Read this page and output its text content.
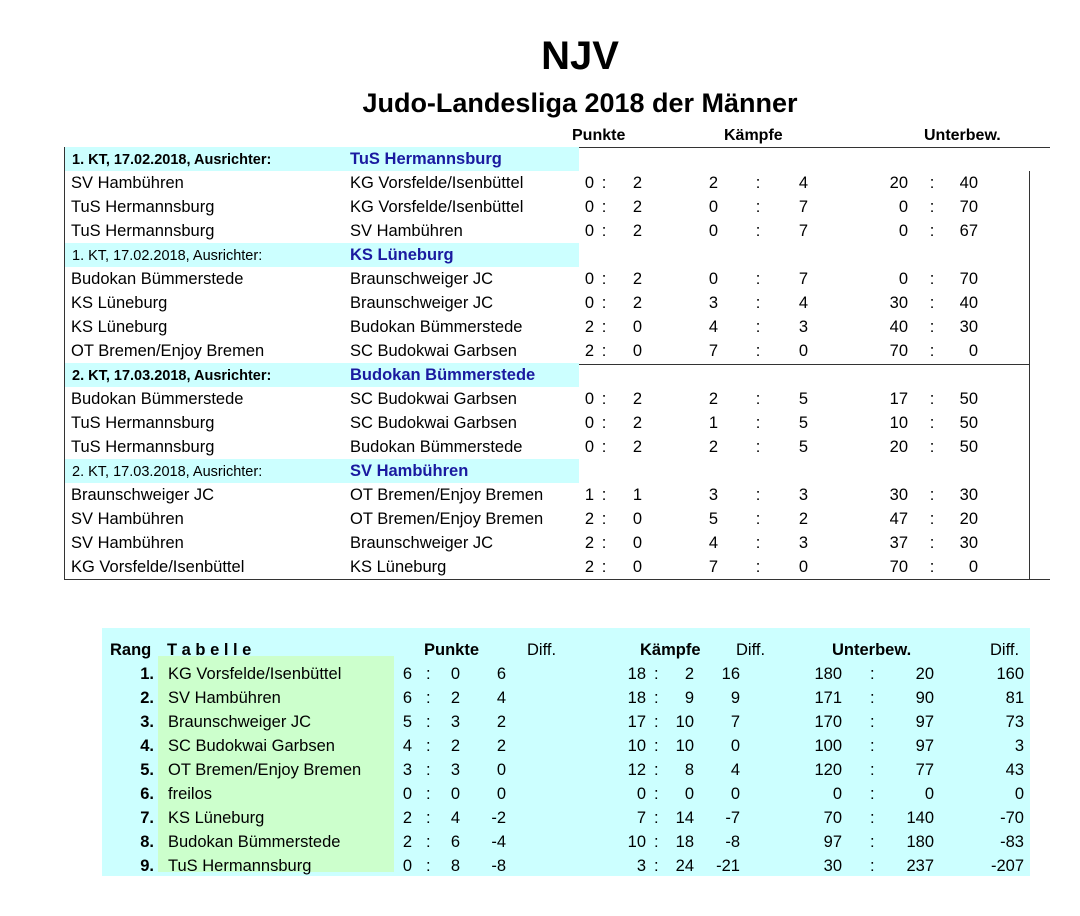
NJV
Judo-Landesliga 2018 der Männer
Punkte	Kämpfe	Unterbew.
1. KT, 17.02.2018, Ausrichter:	TuS Hermannsburg
SV Hambühren	KG Vorsfelde/Isenbüttel	0 :	2	2 :	4	20 :	40
TuS Hermannsburg	KG Vorsfelde/Isenbüttel	0 :	2	0 :	7	0 :	70
TuS Hermannsburg	SV Hambühren	0 :	2	0 :	7	0 :	67
1. KT, 17.02.2018, Ausrichter:	KS Lüneburg
Budokan Bümmerstede	Braunschweiger JC	0 :	2	0 :	7	0 :	70
KS Lüneburg	Braunschweiger JC	0 :	2	3 :	4	30 :	40
KS Lüneburg	Budokan Bümmerstede	2 :	0	4 :	3	40 :	30
OT Bremen/Enjoy Bremen	SC Budokwai Garbsen	2 :	0	7 :	0	70 :	0
2. KT, 17.03.2018, Ausrichter:	Budokan Bümmerstede
Budokan Bümmerstede	SC Budokwai Garbsen	0 :	2	2 :	5	17 :	50
TuS Hermannsburg	SC Budokwai Garbsen	0 :	2	1 :	5	10 :	50
TuS Hermannsburg	Budokan Bümmerstede	0 :	2	2 :	5	20 :	50
2. KT, 17.03.2018, Ausrichter:	SV Hambühren
Braunschweiger JC	OT Bremen/Enjoy Bremen	1 :	1	3 :	3	30 :	30
SV Hambühren	OT Bremen/Enjoy Bremen	2 :	0	5 :	2	47 :	20
SV Hambühren	Braunschweiger JC	2 :	0	4 :	3	37 :	30
KG Vorsfelde/Isenbüttel	KS Lüneburg	2 :	0	7 :	0	70 :	0
Rang T a b e l l e	Punkte	Diff.	Kämpfe Diff.	Unterbew.	Diff.
1. KG Vorsfelde/Isenbüttel	6 :	0	6	18 :	2	16	180 :	20	160
2. SV Hambühren	6 :	2	4	18 :	9	9	171 :	90	81
3. Braunschweiger JC	5 :	3	2	17 :	10	7	170 :	97	73
4. SC Budokwai Garbsen	4 :	2	2	10 :	10	0	100 :	97	3
5. OT Bremen/Enjoy Bremen	3 :	3	0	12 :	8	4	120 :	77	43
6. freilos	0 :	0	0	0 :	0	0	0 :	0	0
7. KS Lüneburg	2 :	4	-2	7 :	14	-7	70 :	140	-70
8. Budokan Bümmerstede	2 :	6	-4	10 :	18	-8	97 :	180	-83
9. TuS Hermannsburg	0 :	8	-8	3 :	24	-21	30 :	237	-207
